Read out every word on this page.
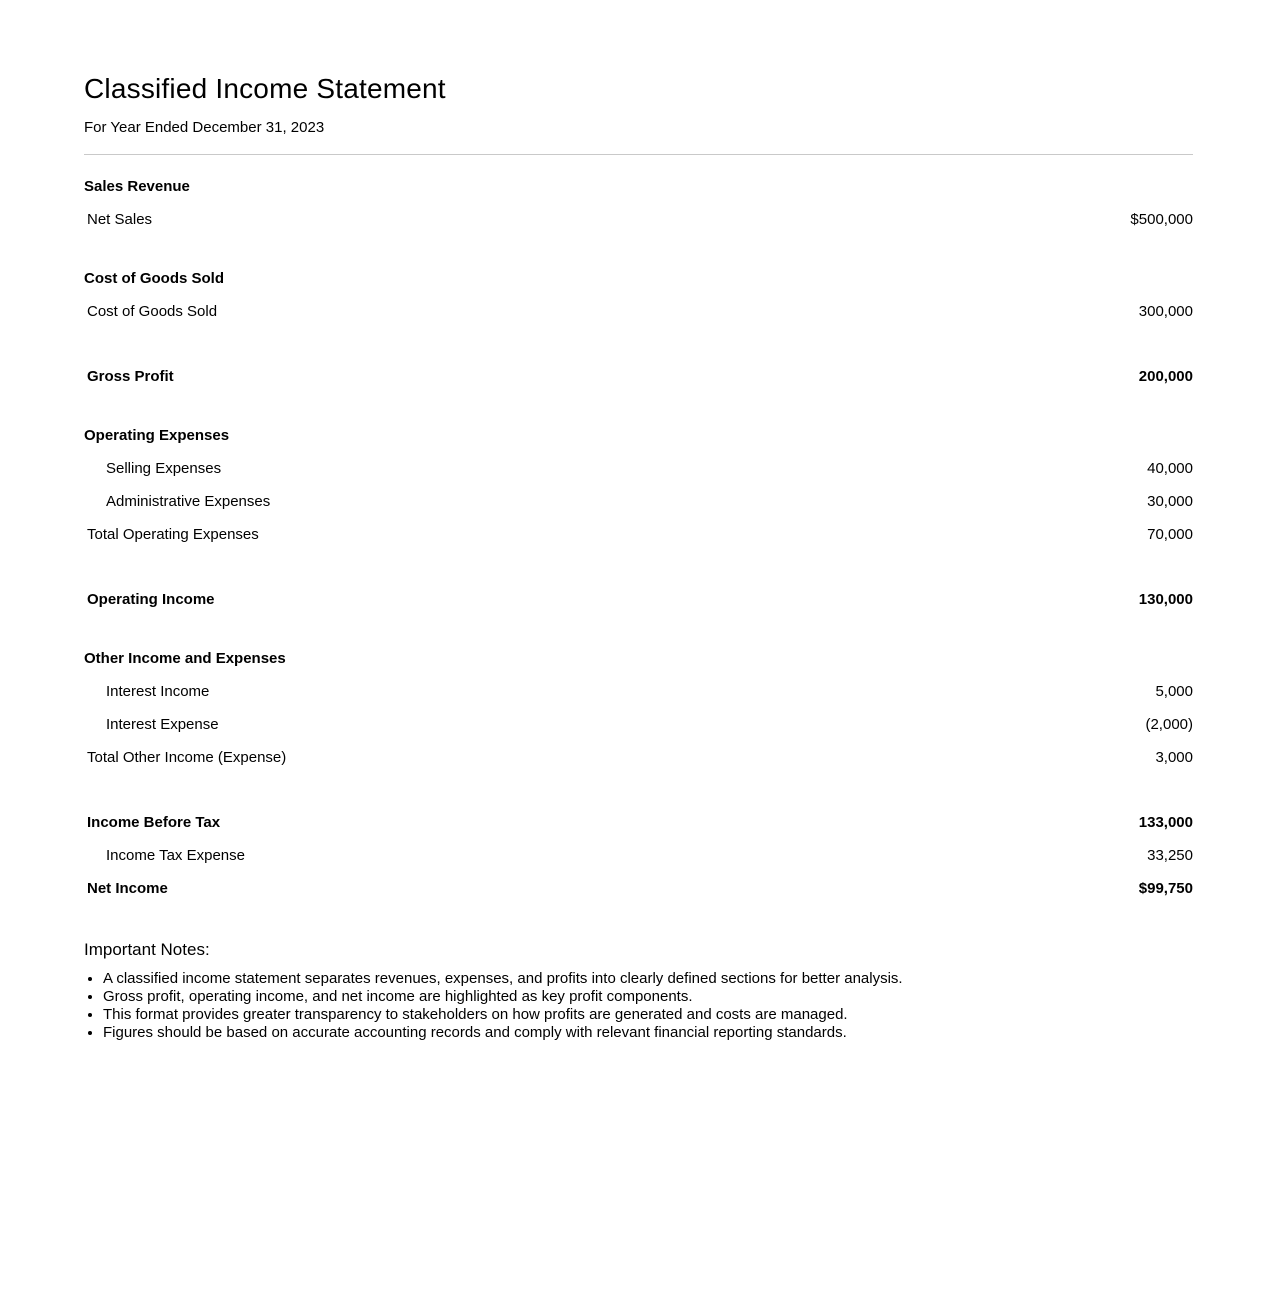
Classified Income Statement

For Year Ended December 31, 2023

Sales Revenue
Net Sales	$500,000
Cost of Goods Sold
Cost of Goods Sold	300,000
Gross Profit	200,000
Operating Expenses
Selling Expenses	40,000
Administrative Expenses	30,000
Total Operating Expenses	70,000
Operating Income	130,000
Other Income and Expenses
Interest Income	5,000
Interest Expense	(2,000)
Total Other Income (Expense)	3,000
Income Before Tax	133,000
Income Tax Expense	33,250
Net Income	$99,750
Important Notes:
• A classified income statement separates revenues, expenses, and profits into clearly defined sections for better analysis.
• Gross profit, operating income, and net income are highlighted as key profit components.
• This format provides greater transparency to stakeholders on how profits are generated and costs are managed.
• Figures should be based on accurate accounting records and comply with relevant financial reporting standards.
